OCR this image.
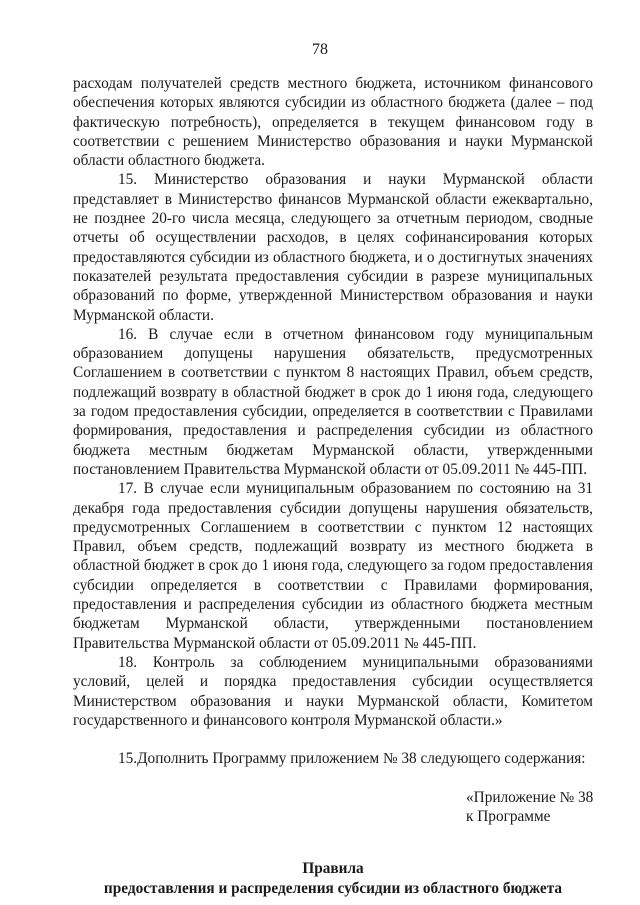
78

расходам получателей средств местного бюджета, источником финансового обеспечения которых являются субсидии из областного бюджета (далее – под фактическую потребность), определяется в текущем финансовом году в соответствии с решением Министерство образования и науки Мурманской области областного бюджета.

15. Министерство образования и науки Мурманской области представляет в Министерство финансов Мурманской области ежеквартально, не позднее 20-го числа месяца, следующего за отчетным периодом, сводные отчеты об осуществлении расходов, в целях софинансирования которых предоставляются субсидии из областного бюджета, и о достигнутых значениях показателей результата предоставления субсидии в разрезе муниципальных образований по форме, утвержденной Министерством образования и науки Мурманской области.

16. В случае если в отчетном финансовом году муниципальным образованием допущены нарушения обязательств, предусмотренных Соглашением в соответствии с пунктом 8 настоящих Правил, объем средств, подлежащий возврату в областной бюджет в срок до 1 июня года, следующего за годом предоставления субсидии, определяется в соответствии с Правилами формирования, предоставления и распределения субсидии из областного бюджета местным бюджетам Мурманской области, утвержденными постановлением Правительства Мурманской области от 05.09.2011 № 445-ПП.

17. В случае если муниципальным образованием по состоянию на 31 декабря года предоставления субсидии допущены нарушения обязательств, предусмотренных Соглашением в соответствии с пунктом 12 настоящих Правил, объем средств, подлежащий возврату из местного бюджета в областной бюджет в срок до 1 июня года, следующего за годом предоставления субсидии определяется в соответствии с Правилами формирования, предоставления и распределения субсидии из областного бюджета местным бюджетам Мурманской области, утвержденными постановлением Правительства Мурманской области от 05.09.2011 № 445-ПП.

18. Контроль за соблюдением муниципальными образованиями условий, целей и порядка предоставления субсидии осуществляется Министерством образования и науки Мурманской области, Комитетом государственного и финансового контроля Мурманской области.»

15.Дополнить Программу приложением № 38 следующего содержания:

«Приложение № 38
к Программе
Правила
предоставления и распределения субсидии из областного бюджета
